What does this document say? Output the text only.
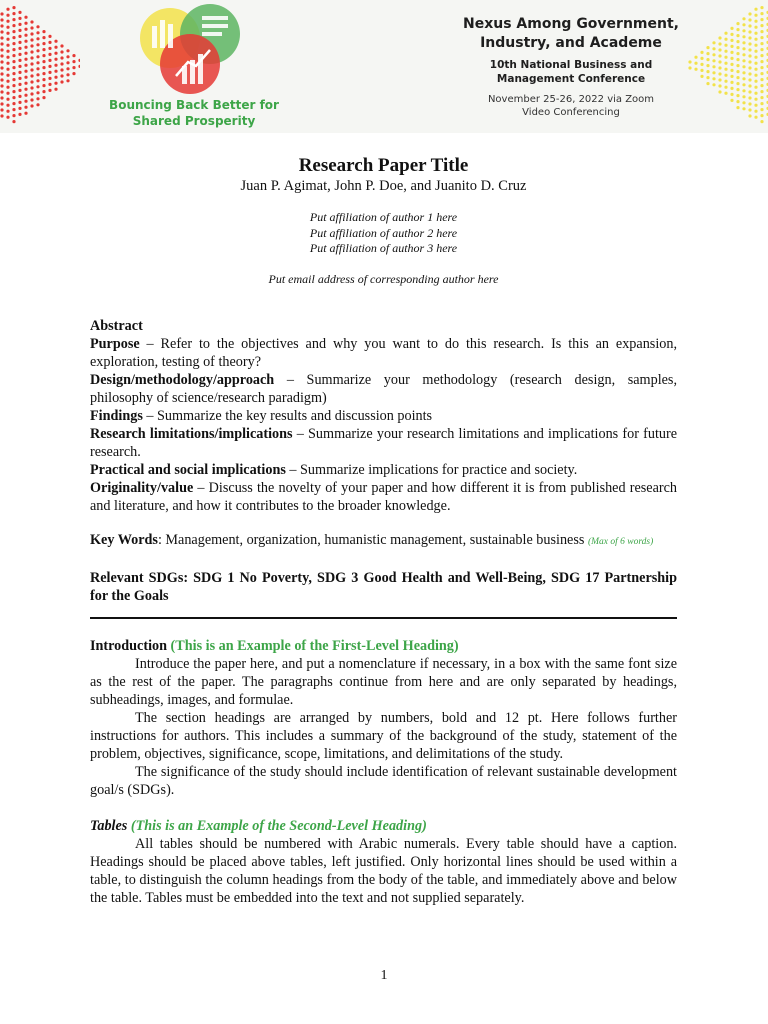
Bouncing Back Better for
Shared Prosperity
Nexus Among Government,
Industry, and Academe
10th National Business and
Management Conference
November 25-26, 2022 via Zoom
Video Conferencing
Research Paper Title
Juan P. Agimat, John P. Doe, and Juanito D. Cruz
Put affiliation of author 1 here
Put affiliation of author 2 here
Put affiliation of author 3 here
Put email address of corresponding author here

Abstract

Purpose – Refer to the objectives and why you want to do this research. Is this an expansion, exploration, testing of theory?

Design/methodology/approach – Summarize your methodology (research design, samples, philosophy of science/research paradigm)

Findings – Summarize the key results and discussion points

Research limitations/implications – Summarize your research limitations and implications for future research.

Practical and social implications – Summarize implications for practice and society.

Originality/value – Discuss the novelty of your paper and how different it is from published research and literature, and how it contributes to the broader knowledge.

Key Words: Management, organization, humanistic management, sustainable business (Max of 6 words)
Relevant SDGs: SDG 1 No Poverty, SDG 3 Good Health and Well-Being, SDG 17 Partnership for the Goals

Introduction (This is an Example of the First-Level Heading)

Introduce the paper here, and put a nomenclature if necessary, in a box with the same font size as the rest of the paper. The paragraphs continue from here and are only separated by headings, subheadings, images, and formulae.

The section headings are arranged by numbers, bold and 12 pt. Here follows further instructions for authors. This includes a summary of the background of the study, statement of the problem, objectives, significance, scope, limitations, and delimitations of the study.

The significance of the study should include identification of relevant sustainable development goal/s (SDGs).

Tables (This is an Example of the Second-Level Heading)

All tables should be numbered with Arabic numerals. Every table should have a caption. Headings should be placed above tables, left justified. Only horizontal lines should be used within a table, to distinguish the column headings from the body of the table, and immediately above and below the table. Tables must be embedded into the text and not supplied separately.

1
